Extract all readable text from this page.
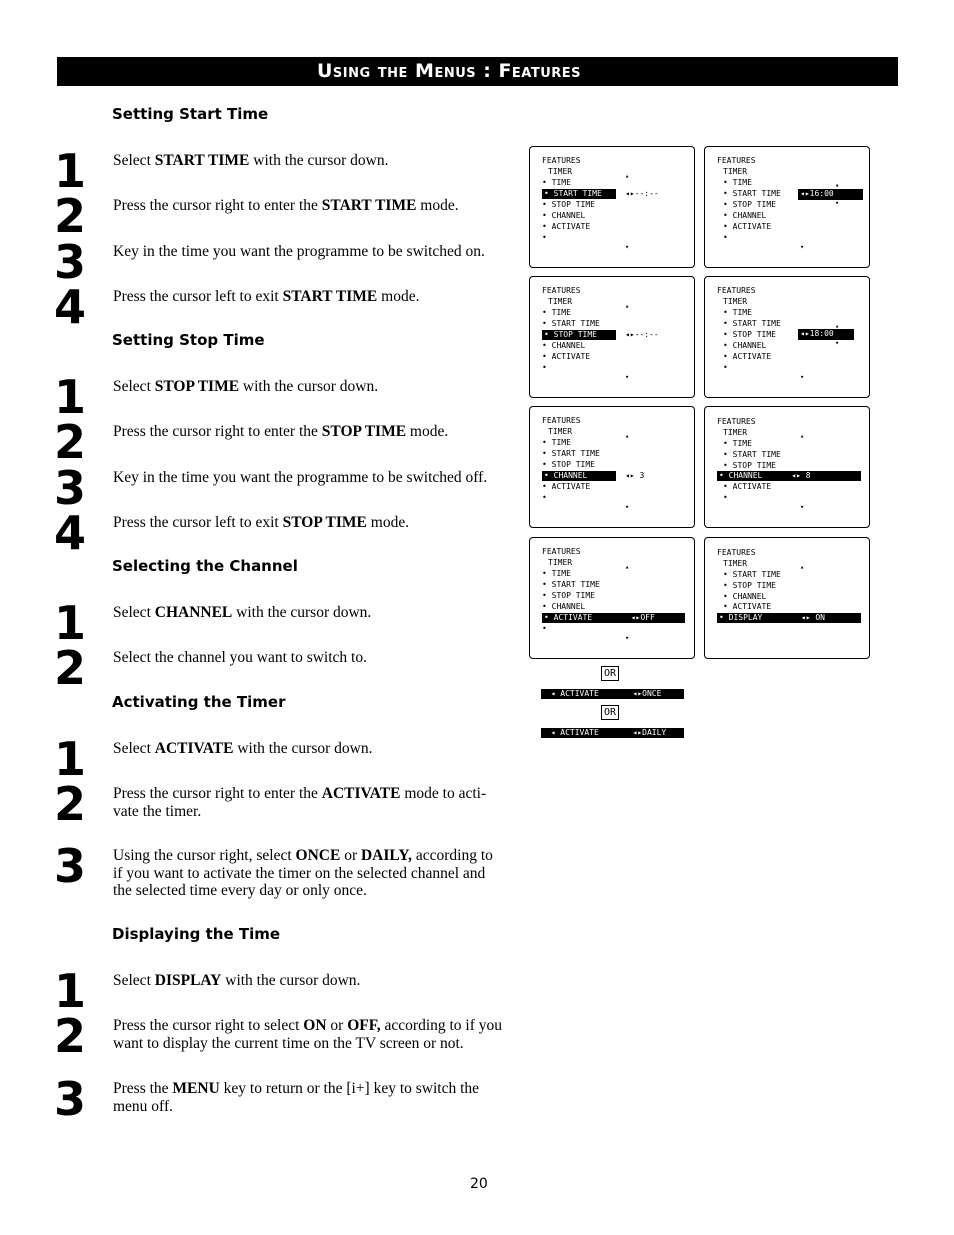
Using the Menus : Features
Setting Start Time
Setting Stop Time
Selecting the Channel
Activating the Timer
Displaying the Time
1 Select START TIME with the cursor down.
2 Press the cursor right to enter the START TIME mode.
3 Key in the time you want the programme to be switched on.
4 Press the cursor left to exit START TIME mode.
1 Select STOP TIME with the cursor down.
2 Press the cursor right to enter the STOP TIME mode.
3 Key in the time you want the programme to be switched off.
4 Press the cursor left to exit STOP TIME mode.
1 Select CHANNEL with the cursor down.
2 Select the channel you want to switch to.
1 Select ACTIVATE with the cursor down.
2 Press the cursor right to enter the ACTIVATE mode to acti-vate the timer.
3 Using the cursor right, select ONCE or DAILY, according to if you want to activate the timer on the selected channel and the selected time every day or only once.
1 Select DISPLAY with the cursor down.
2 Press the cursor right to select ON or OFF, according to if you want to display the current time on the TV screen or not.
3 Press the MENU key to return or the [i+] key to switch the menu off.
FEATURES
TIMER
• TIME
• START TIME
• STOP TIME
• CHANNEL
• ACTIVATE
•
◂▸--:--
▴
▾
FEATURES
TIMER
• TIME
• START TIME
• STOP TIME
• CHANNEL
• ACTIVATE
•
◂▸16:00
▴
▾
▾
FEATURES
TIMER
• TIME
• START TIME
• STOP TIME
• CHANNEL
• ACTIVATE
•
◂▸--:--
▴
▾
FEATURES
TIMER
• TIME
• START TIME
• STOP TIME
• CHANNEL
• ACTIVATE
•
◂▸18:00
▴
▾
▾
FEATURES
TIMER
• TIME
• START TIME
• STOP TIME
• CHANNEL
• ACTIVATE
•
◂▸ 3
▴
▾
FEATURES
TIMER
• TIME
• START TIME
• STOP TIME
• CHANNEL      ◂▸ 8
• ACTIVATE
•
▴
▾
FEATURES
TIMER
• TIME
• START TIME
• STOP TIME
• CHANNEL
• ACTIVATE        ◂▸OFF
•
▴
▾
FEATURES
TIMER
• START TIME
• STOP TIME
• CHANNEL
• ACTIVATE
• DISPLAY        ◂▸ ON
▴
OR
◂ ACTIVATE       ◂▸ONCE
OR
◂ ACTIVATE       ◂▸DAILY
20
